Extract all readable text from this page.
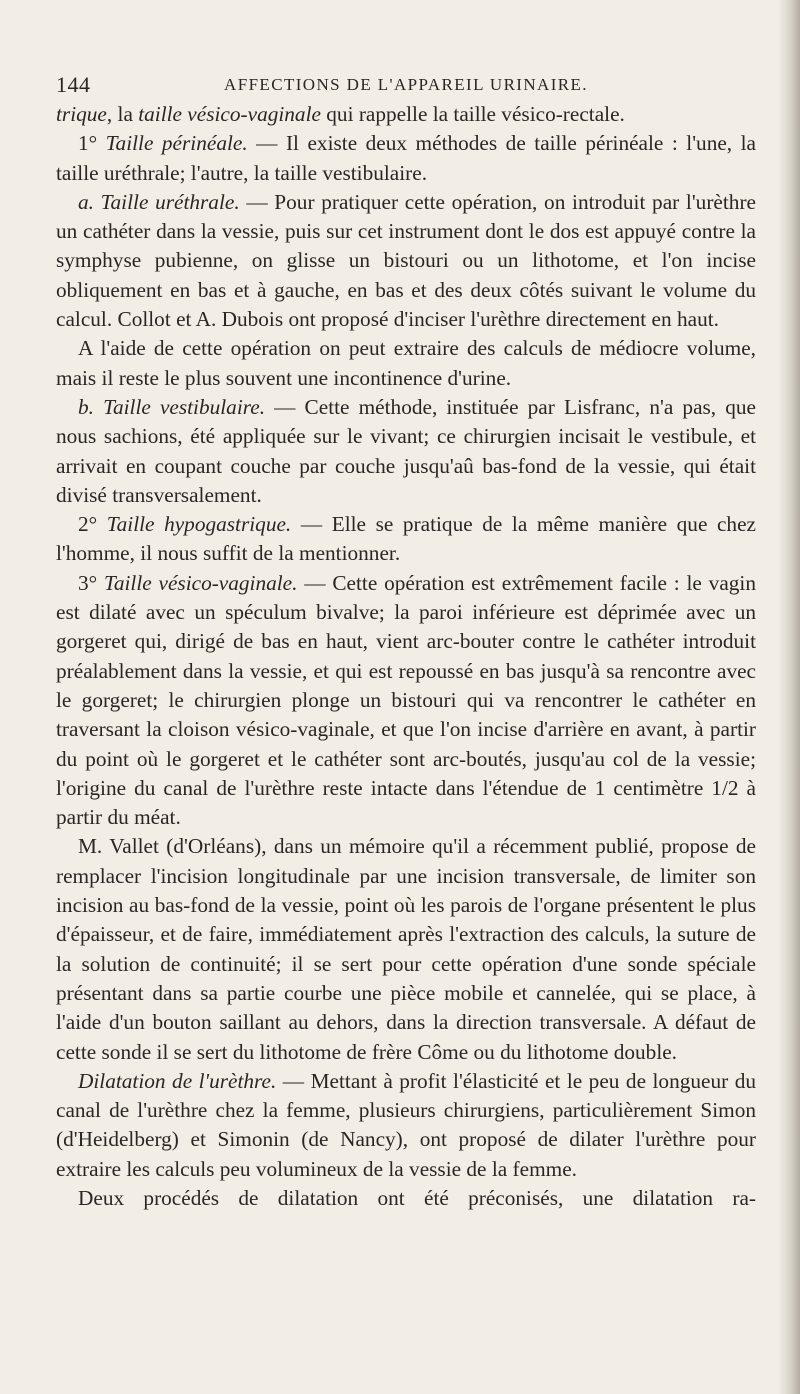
144	AFFECTIONS DE L'APPAREIL URINAIRE.

trique, la taille vésico-vaginale qui rappelle la taille vésico-rectale.

1° Taille périnéale. — Il existe deux méthodes de taille périnéale : l'une, la taille uréthrale; l'autre, la taille vestibulaire.

a. Taille uréthrale. — Pour pratiquer cette opération, on introduit par l'urèthre un cathéter dans la vessie, puis sur cet instrument dont le dos est appuyé contre la symphyse pubienne, on glisse un bistouri ou un lithotome, et l'on incise obliquement en bas et à gauche, en bas et des deux côtés suivant le volume du calcul. Collot et A. Dubois ont proposé d'inciser l'urèthre directement en haut.

A l'aide de cette opération on peut extraire des calculs de médiocre volume, mais il reste le plus souvent une incontinence d'urine.

b. Taille vestibulaire. — Cette méthode, instituée par Lisfranc, n'a pas, que nous sachions, été appliquée sur le vivant; ce chirurgien incisait le vestibule, et arrivait en coupant couche par couche jusqu'aû bas-fond de la vessie, qui était divisé transversalement.

2° Taille hypogastrique. — Elle se pratique de la même manière que chez l'homme, il nous suffit de la mentionner.

3° Taille vésico-vaginale. — Cette opération est extrêmement facile : le vagin est dilaté avec un spéculum bivalve; la paroi inférieure est déprimée avec un gorgeret qui, dirigé de bas en haut, vient arc-bouter contre le cathéter introduit préalablement dans la vessie, et qui est repoussé en bas jusqu'à sa rencontre avec le gorgeret; le chirurgien plonge un bistouri qui va rencontrer le cathéter en traversant la cloison vésico-vaginale, et que l'on incise d'arrière en avant, à partir du point où le gorgeret et le cathéter sont arc-boutés, jusqu'au col de la vessie; l'origine du canal de l'urèthre reste intacte dans l'étendue de 1 centimètre 1/2 à partir du méat.

M. Vallet (d'Orléans), dans un mémoire qu'il a récemment publié, propose de remplacer l'incision longitudinale par une incision transversale, de limiter son incision au bas-fond de la vessie, point où les parois de l'organe présentent le plus d'épaisseur, et de faire, immédiatement après l'extraction des calculs, la suture de la solution de continuité; il se sert pour cette opération d'une sonde spéciale présentant dans sa partie courbe une pièce mobile et cannelée, qui se place, à l'aide d'un bouton saillant au dehors, dans la direction transversale. A défaut de cette sonde il se sert du lithotome de frère Côme ou du lithotome double.

Dilatation de l'urèthre. — Mettant à profit l'élasticité et le peu de longueur du canal de l'urèthre chez la femme, plusieurs chirurgiens, particulièrement Simon (d'Heidelberg) et Simonin (de Nancy), ont proposé de dilater l'urèthre pour extraire les calculs peu volumineux de la vessie de la femme.

Deux procédés de dilatation ont été préconisés, une dilatation ra-
